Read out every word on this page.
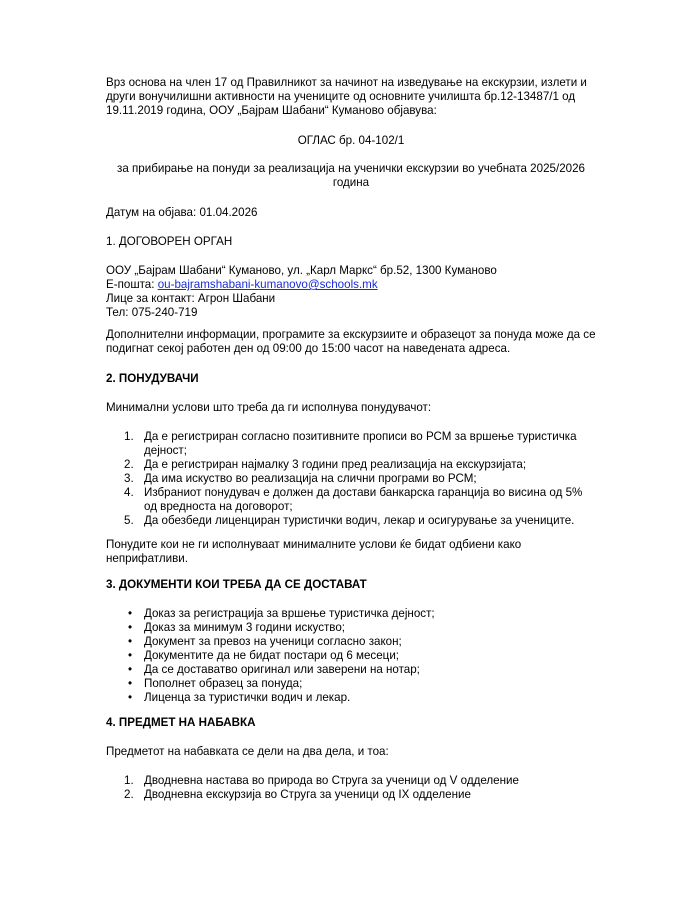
Врз основа на член 17 од Правилникот за начинот на изведување на екскурзии, излети и други вонучилишни активности на учениците од основните училишта бр.12-13487/1 од 19.11.2019 година, ООУ „Бајрам Шабани“ Куманово објавува:

ОГЛАС бр. 04-102/1

за прибирање на понуди за реализација на ученички екскурзии во учебната 2025/2026 година

Датум на објава: 01.04.2026

1. ДОГОВОРЕН ОРГАН

ООУ „Бајрам Шабани“ Куманово, ул. „Карл Маркс“ бр.52, 1300 Куманово

Е-пошта: ou-bajramshabani-kumanovo@schools.mk

Лице за контакт: Агрон Шабани

Тел: 075-240-719

Дополнителни информации, програмите за екскурзиите и образецот за понуда може да се подигнат секој работен ден од 09:00 до 15:00 часот на наведената адреса.

2. ПОНУДУВАЧИ

Минимални услови што треба да ги исполнува понудувачот:

1. Да е регистриран согласно позитивните прописи во РСМ за вршење туристичка дејност;
2. Да е регистриран најмалку 3 години пред реализација на екскурзијата;
3. Да има искуство во реализација на слични програми во РСМ;
4. Избраниот понудувач е должен да достави банкарска гаранција во висина од 5% од вредноста на договорот;
5. Да обезбеди лиценциран туристички водич, лекар и осигурување за учениците.

Понудите кои не ги исполнуваат минималните услови ќе бидат одбиени како неприфатливи.

3. ДОКУМЕНТИ КОИ ТРЕБА ДА СЕ ДОСТАВАТ

• Доказ за регистрација за вршење туристичка дејност;
• Доказ за минимум 3 години искуство;
• Документ за превоз на ученици согласно закон;
• Документите да не бидат постари од 6 месеци;
• Да се доставатво оригинал или заверени на нотар;
• Пополнет образец за понуда;
• Лиценца за туристички водич и лекар.

4. ПРЕДМЕТ НА НАБАВКА

Предметот на набавката се дели на два дела, и тоа:

1. Дводневна настава во природа во Струга за ученици од V одделение
2. Дводневна екскурзија во Струга за ученици од IX одделение
